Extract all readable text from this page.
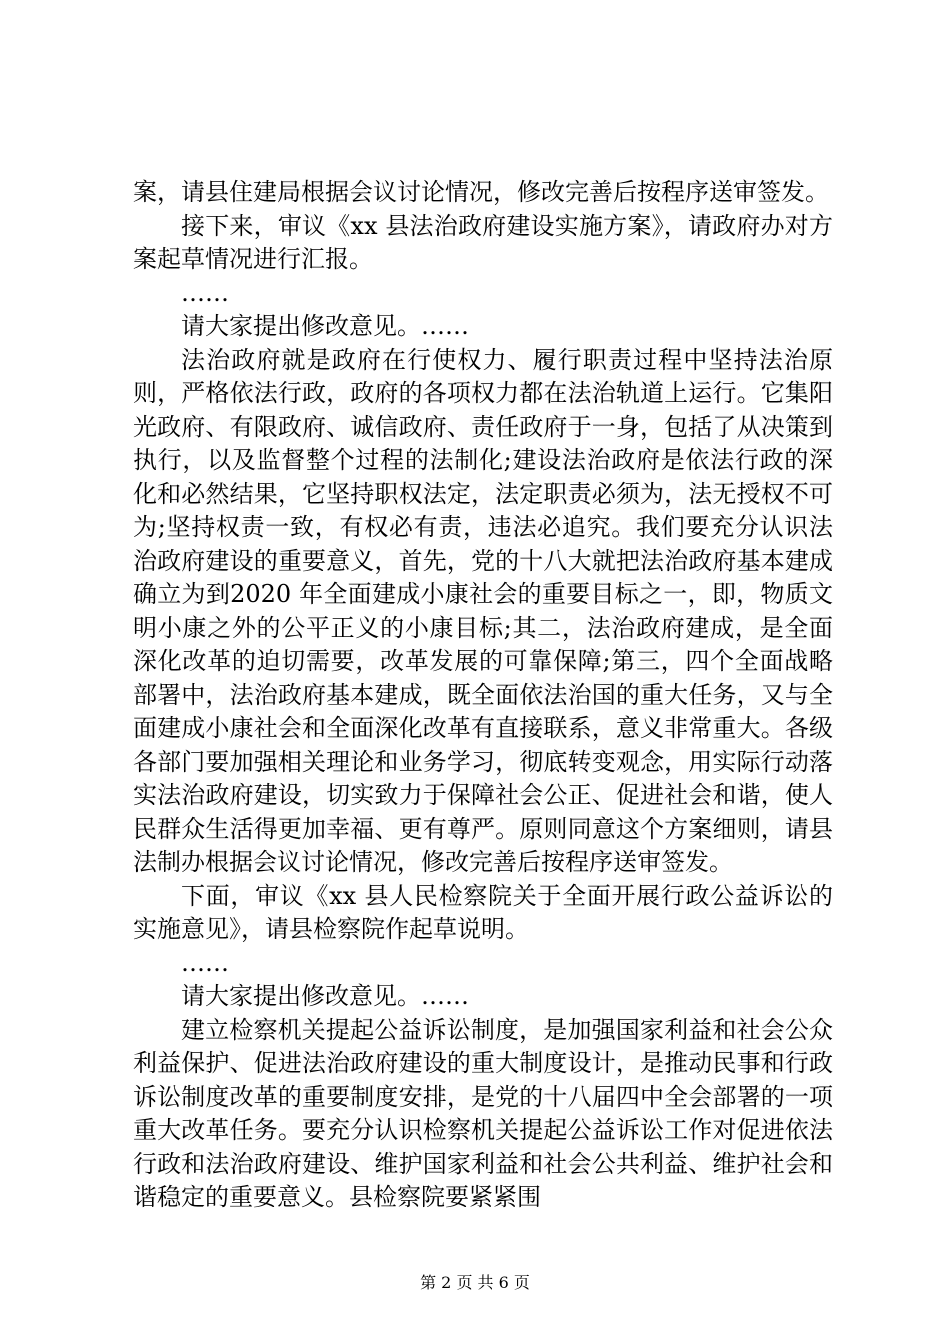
案，请县住建局根据会议讨论情况，修改完善后按程序送审签发。

接下来，审议《xx 县法治政府建设实施方案》，请政府办对方案起草情况进行汇报。

……

请大家提出修改意见。……

法治政府就是政府在行使权力、履行职责过程中坚持法治原则，严格依法行政，政府的各项权力都在法治轨道上运行。它集阳光政府、有限政府、诚信政府、责任政府于一身，包括了从决策到执行，以及监督整个过程的法制化;建设法治政府是依法行政的深化和必然结果，它坚持职权法定，法定职责必须为，法无授权不可为;坚持权责一致，有权必有责，违法必追究。我们要充分认识法治政府建设的重要意义，首先，党的十八大就把法治政府基本建成确立为到2020 年全面建成小康社会的重要目标之一，即，物质文明小康之外的公平正义的小康目标;其二，法治政府建成，是全面深化改革的迫切需要，改革发展的可靠保障;第三，四个全面战略部署中，法治政府基本建成，既全面依法治国的重大任务，又与全面建成小康社会和全面深化改革有直接联系，意义非常重大。各级各部门要加强相关理论和业务学习，彻底转变观念，用实际行动落实法治政府建设，切实致力于保障社会公正、促进社会和谐，使人民群众生活得更加幸福、更有尊严。原则同意这个方案细则，请县法制办根据会议讨论情况，修改完善后按程序送审签发。

下面，审议《xx 县人民检察院关于全面开展行政公益诉讼的实施意见》，请县检察院作起草说明。

……

请大家提出修改意见。……

建立检察机关提起公益诉讼制度，是加强国家利益和社会公众利益保护、促进法治政府建设的重大制度设计，是推动民事和行政诉讼制度改革的重要制度安排，是党的十八届四中全会部署的一项重大改革任务。要充分认识检察机关提起公益诉讼工作对促进依法行政和法治政府建设、维护国家利益和社会公共利益、维护社会和谐稳定的重要意义。县检察院要紧紧围

第 2 页 共 6 页
